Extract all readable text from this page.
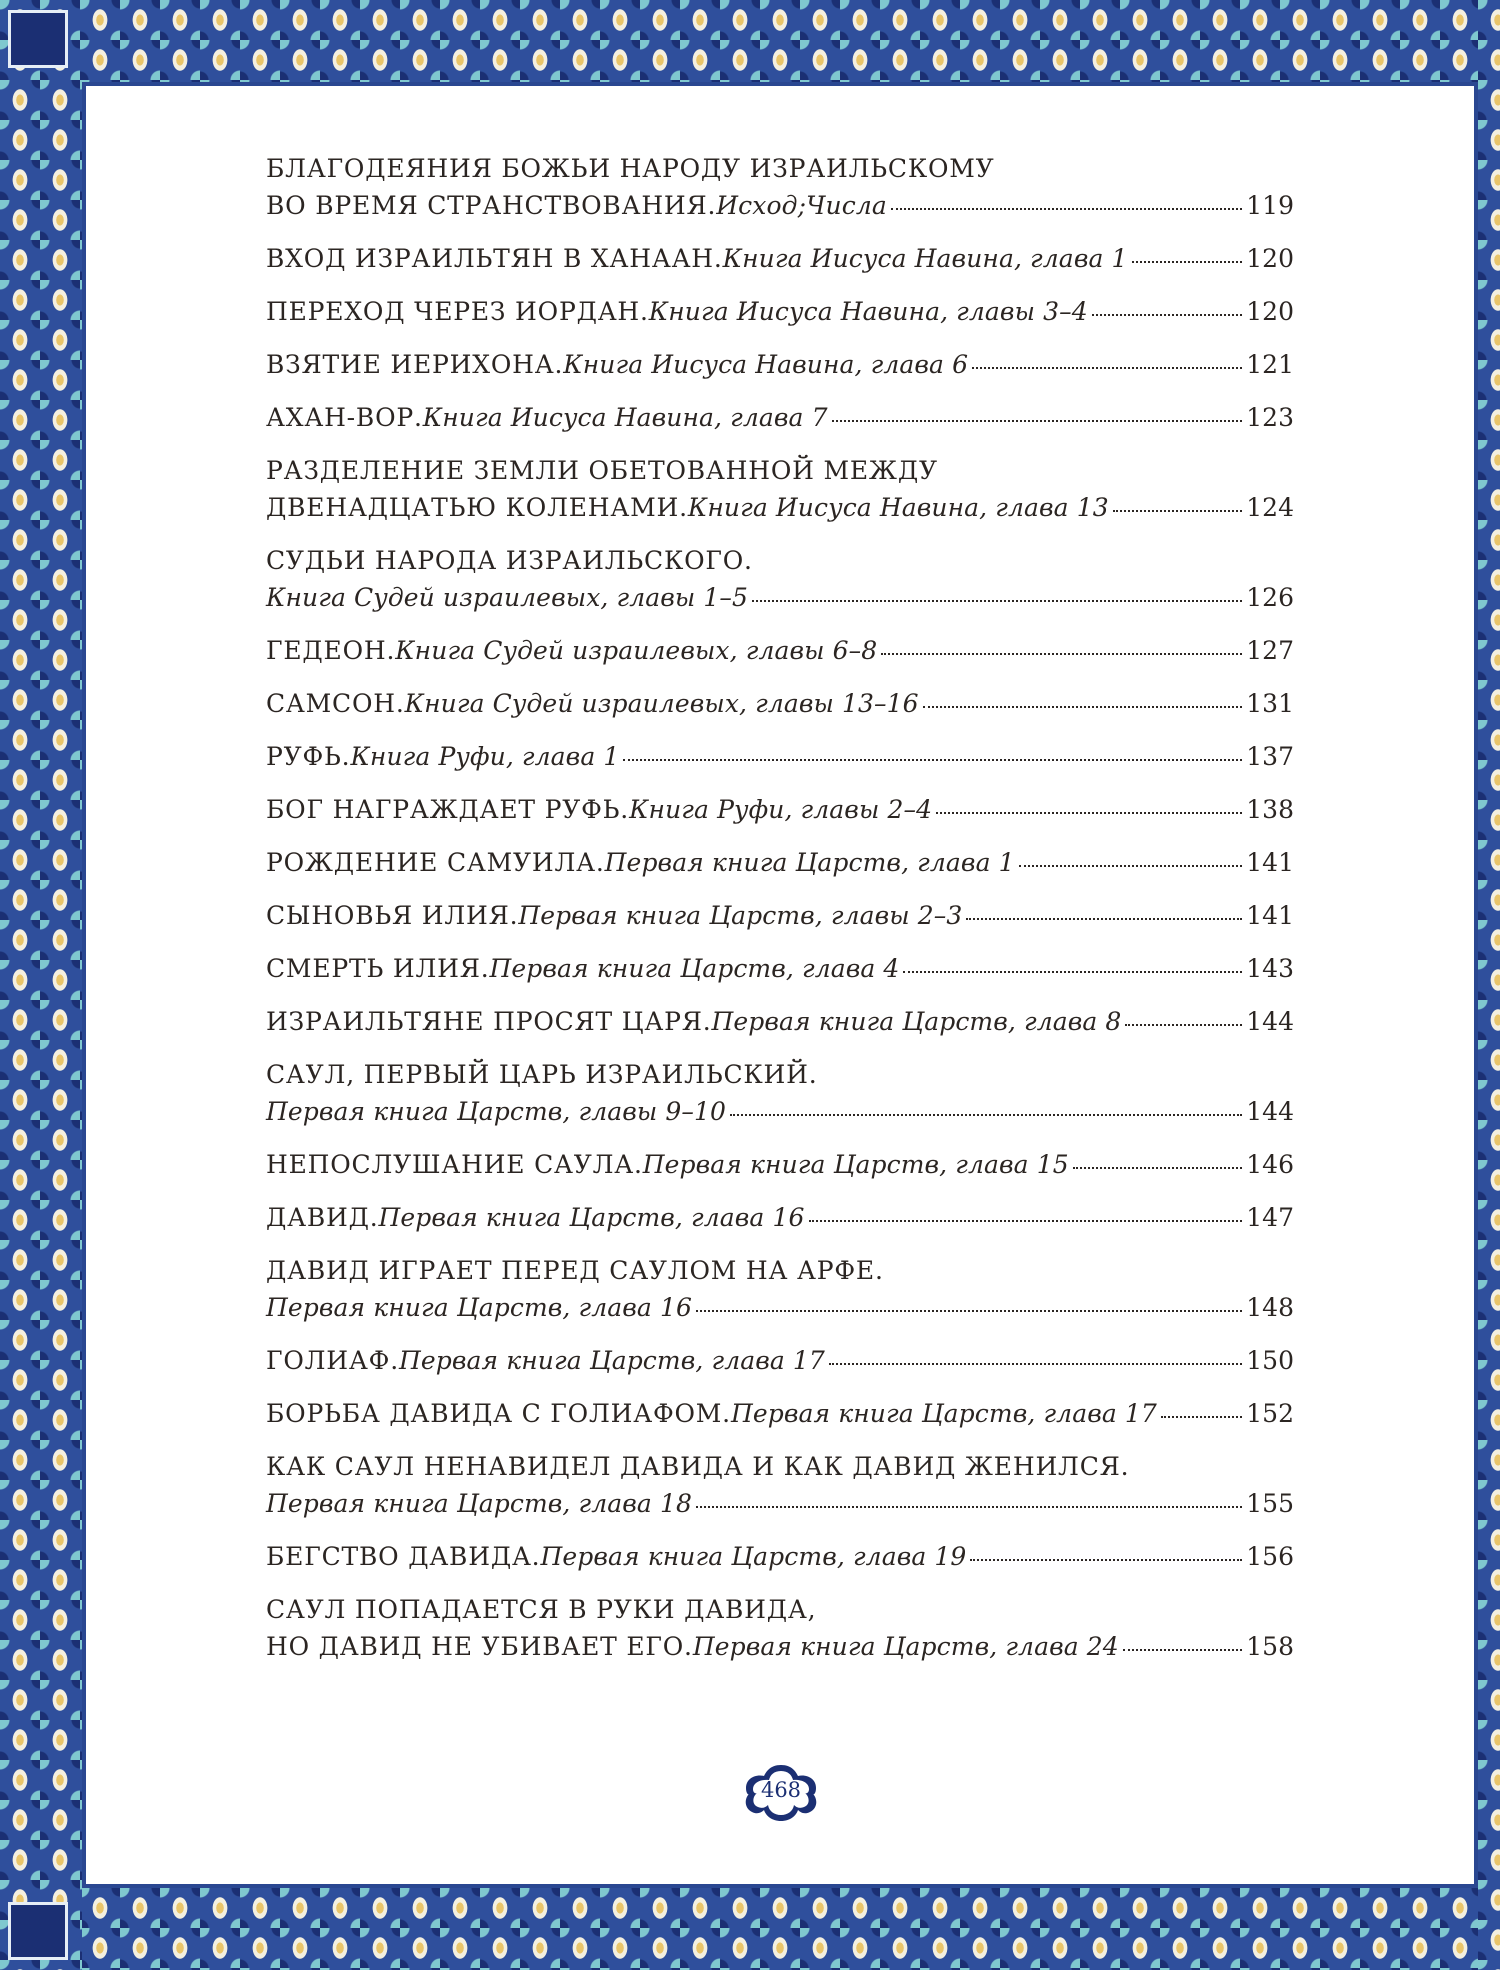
БЛАГОДЕЯНИЯ БОЖЬИ НАРОДУ ИЗРАИЛЬСКОМУ
ВО ВРЕМЯ СТРАНСТВОВАНИЯ. Исход;Числа	119
ВХОД ИЗРАИЛЬТЯН В ХАНААН. Книга Иисуса Навина, глава 1	120
ПЕРЕХОД ЧЕРЕЗ ИОРДАН. Книга Иисуса Навина, главы 3–4	120
ВЗЯТИЕ ИЕРИХОНА. Книга Иисуса Навина, глава 6	121
АХАН-ВОР. Книга Иисуса Навина, глава 7	123
РАЗДЕЛЕНИЕ ЗЕМЛИ ОБЕТОВАННОЙ МЕЖДУ
ДВЕНАДЦАТЬЮ КОЛЕНАМИ. Книга Иисуса Навина, глава 13	124
СУДЬИ НАРОДА ИЗРАИЛЬСКОГО.
Книга Судей израилевых, главы 1–5	126
ГЕДЕОН. Книга Судей израилевых, главы 6–8	127
САМСОН. Книга Судей израилевых, главы 13–16	131
РУФЬ. Книга Руфи, глава 1	137
БОГ НАГРАЖДАЕТ РУФЬ. Книга Руфи, главы 2–4	138
РОЖДЕНИЕ САМУИЛА. Первая книга Царств, глава 1	141
СЫНОВЬЯ ИЛИЯ. Первая книга Царств, главы 2–3	141
СМЕРТЬ ИЛИЯ. Первая книга Царств, глава 4	143
ИЗРАИЛЬТЯНЕ ПРОСЯТ ЦАРЯ. Первая книга Царств, глава 8	144
САУЛ, ПЕРВЫЙ ЦАРЬ ИЗРАИЛЬСКИЙ.
Первая книга Царств, главы 9–10	144
НЕПОСЛУШАНИЕ САУЛА. Первая книга Царств, глава 15	146
ДАВИД. Первая книга Царств, глава 16	147
ДАВИД ИГРАЕТ ПЕРЕД САУЛОМ НА АРФЕ.
Первая книга Царств, глава 16	148
ГОЛИАФ. Первая книга Царств, глава 17	150
БОРЬБА ДАВИДА С ГОЛИАФОМ. Первая книга Царств, глава 17	152
КАК САУЛ НЕНАВИДЕЛ ДАВИДА И КАК ДАВИД ЖЕНИЛСЯ.
Первая книга Царств, глава 18	155
БЕГСТВО ДАВИДА. Первая книга Царств, глава 19	156
САУЛ ПОПАДАЕТСЯ В РУКИ ДАВИДА,
НО ДАВИД НЕ УБИВАЕТ ЕГО. Первая книга Царств, глава 24	158
468
